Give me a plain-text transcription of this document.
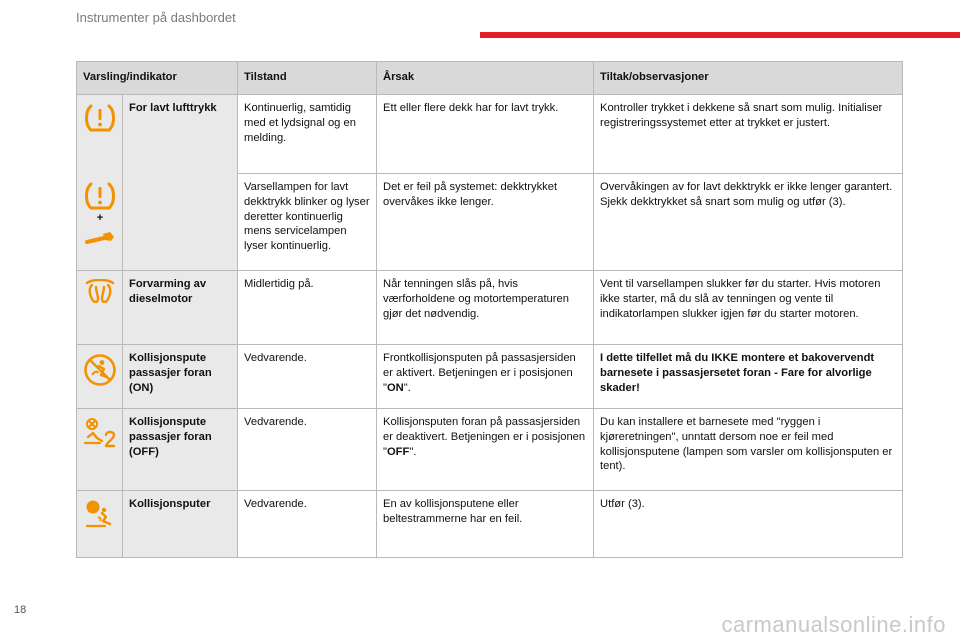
Instrumenter på dashbordet
Varsling/indikator		Tilstand	Årsak	Tiltak/observasjoner

	For lavt lufttrykk	Kontinuerlig, samtidig med et lydsignal og en melding.	Ett eller flere dekk har for lavt trykk.	Kontroller trykket i dekkene så snart som mulig. Initialiser registreringssystemet etter at trykket er justert.

+		Varsellampen for lavt dekktrykk blinker og lyser deretter kontinuerlig mens servicelampen lyser kontinuerlig.	Det er feil på systemet: dekktrykket overvåkes ikke lenger.	Overvåkingen av for lavt dekktrykk er ikke lenger garantert. Sjekk dekktrykket så snart som mulig og utfør (3).

	Forvarming av dieselmotor	Midlertidig på.	Når tenningen slås på, hvis værforholdene og motortemperaturen gjør det nødvendig.	Vent til varsellampen slukker før du starter. Hvis motoren ikke starter, må du slå av tenningen og vente til indikatorlampen slukker igjen før du starter motoren.

	Kollisjonspute passasjer foran (ON)	Vedvarende.	Frontkollisjonsputen på passasjersiden er aktivert. Betjeningen er i posisjonen "ON".	I dette tilfellet må du IKKE montere et bakovervendt barnesete i passasjersetet foran - Fare for alvorlige skader!

	Kollisjonspute passasjer foran (OFF)	Vedvarende.	Kollisjonsputen foran på passasjersiden er deaktivert. Betjeningen er i posisjonen "OFF".	Du kan installere et barnesete med "ryggen i kjøreretningen", unntatt dersom noe er feil med kollisjonsputene (lampen som varsler om kollisjonsputen er tent).

	Kollisjonsputer	Vedvarende.	En av kollisjonsputene eller beltestrammerne har en feil.	Utfør (3).
18
carmanualsonline.info
